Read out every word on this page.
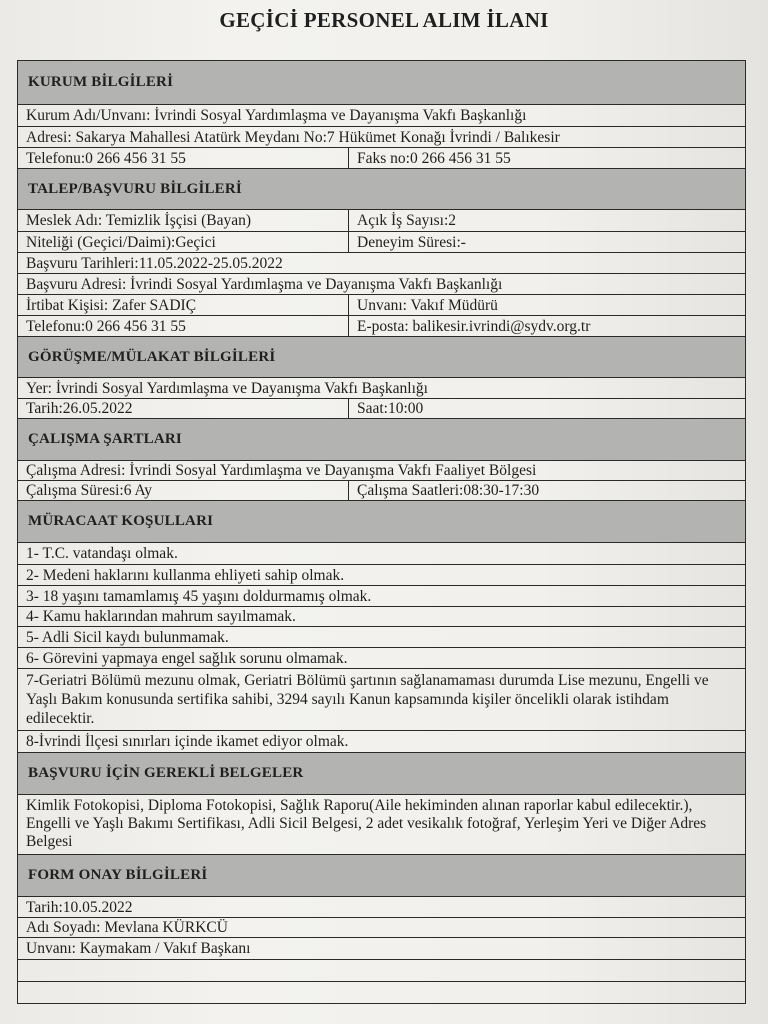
GEÇİCİ PERSONEL ALIM İLANI
KURUM BİLGİLERİ
Kurum Adı/Unvanı: İvrindi Sosyal Yardımlaşma ve Dayanışma Vakfı Başkanlığı
Adresi: Sakarya Mahallesi Atatürk Meydanı No:7 Hükümet Konağı İvrindi / Balıkesir
Telefonu:0 266 456 31 55	Faks no:0 266 456 31 55
TALEP/BAŞVURU BİLGİLERİ
Meslek Adı: Temizlik İşçisi (Bayan)	Açık İş Sayısı:2
Niteliği (Geçici/Daimi):Geçici	Deneyim Süresi:-
Başvuru Tarihleri:11.05.2022-25.05.2022
Başvuru Adresi: İvrindi Sosyal Yardımlaşma ve Dayanışma Vakfı Başkanlığı
İrtibat Kişisi: Zafer SADIÇ	Unvanı: Vakıf Müdürü
Telefonu:0 266 456 31 55	E-posta: balikesir.ivrindi@sydv.org.tr
GÖRÜŞME/MÜLAKAT BİLGİLERİ
Yer: İvrindi Sosyal Yardımlaşma ve Dayanışma Vakfı Başkanlığı
Tarih:26.05.2022	Saat:10:00
ÇALIŞMA ŞARTLARI
Çalışma Adresi: İvrindi Sosyal Yardımlaşma ve Dayanışma Vakfı Faaliyet Bölgesi
Çalışma Süresi:6 Ay	Çalışma Saatleri:08:30-17:30
MÜRACAAT KOŞULLARI
1- T.C. vatandaşı olmak.
2- Medeni haklarını kullanma ehliyeti sahip olmak.
3- 18 yaşını tamamlamış 45 yaşını doldurmamış olmak.
4- Kamu haklarından mahrum sayılmamak.
5- Adli Sicil kaydı bulunmamak.
6- Görevini yapmaya engel sağlık sorunu olmamak.
7-Geriatri Bölümü mezunu olmak, Geriatri Bölümü şartının sağlanamaması durumda Lise mezunu, Engelli ve Yaşlı Bakım konusunda sertifika sahibi, 3294 sayılı Kanun kapsamında kişiler öncelikli olarak istihdam edilecektir.
8-İvrindi İlçesi sınırları içinde ikamet ediyor olmak.
BAŞVURU İÇİN GEREKLİ BELGELER
Kimlik Fotokopisi, Diploma Fotokopisi, Sağlık Raporu(Aile hekiminden alınan raporlar kabul edilecektir.), Engelli ve Yaşlı Bakımı Sertifikası, Adli Sicil Belgesi, 2 adet vesikalık fotoğraf, Yerleşim Yeri ve Diğer Adres Belgesi
FORM ONAY BİLGİLERİ
Tarih:10.05.2022
Adı Soyadı: Mevlana KÜRKCÜ
Unvanı: Kaymakam / Vakıf Başkanı
